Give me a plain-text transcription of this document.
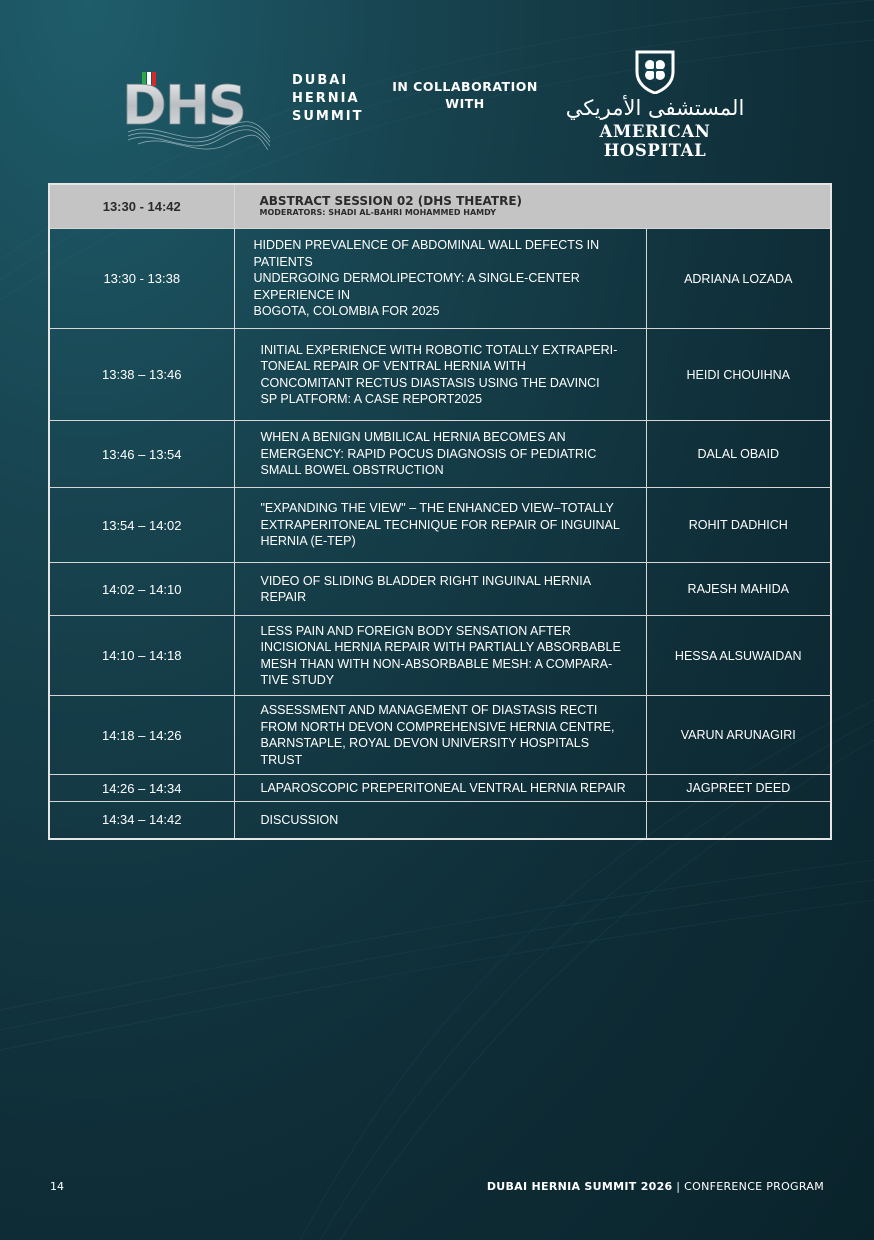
DHS	DUBAI
HERNIA
SUMMIT
IN COLLABORATION
WITH	المستشفى الأمريكي
AMERICAN HOSPITAL
13:30 - 14:42	ABSTRACT SESSION 02 (DHS THEATRE)
MODERATORS: SHADI AL-BAHRI MOHAMMED HAMDY	

13:30 - 13:38	HIDDEN PREVALENCE OF ABDOMINAL WALL DEFECTS IN
PATIENTS
UNDERGOING DERMOLIPECTOMY: A SINGLE-CENTER
EXPERIENCE IN
BOGOTA, COLOMBIA FOR 2025	ADRIANA LOZADA
13:38 – 13:46	INITIAL EXPERIENCE WITH ROBOTIC TOTALLY EXTRAPERI-
TONEAL REPAIR OF VENTRAL HERNIA WITH
CONCOMITANT RECTUS DIASTASIS USING THE DAVINCI
SP PLATFORM: A CASE REPORT2025	HEIDI CHOUIHNA
13:46 – 13:54	WHEN A BENIGN UMBILICAL HERNIA BECOMES AN
EMERGENCY: RAPID POCUS DIAGNOSIS OF PEDIATRIC
SMALL BOWEL OBSTRUCTION	DALAL OBAID
13:54 – 14:02	"EXPANDING THE VIEW" – THE ENHANCED VIEW–TOTALLY
EXTRAPERITONEAL TECHNIQUE FOR REPAIR OF INGUINAL
HERNIA (E-TEP)	ROHIT DADHICH
14:02 – 14:10	VIDEO OF SLIDING BLADDER RIGHT INGUINAL HERNIA
REPAIR	RAJESH MAHIDA
14:10 – 14:18	LESS PAIN AND FOREIGN BODY SENSATION AFTER
INCISIONAL HERNIA REPAIR WITH PARTIALLY ABSORBABLE
MESH THAN WITH NON-ABSORBABLE MESH: A COMPARA-
TIVE STUDY	HESSA ALSUWAIDAN
14:18 – 14:26	ASSESSMENT AND MANAGEMENT OF DIASTASIS RECTI
FROM NORTH DEVON COMPREHENSIVE HERNIA CENTRE,
BARNSTAPLE, ROYAL DEVON UNIVERSITY HOSPITALS
TRUST	VARUN ARUNAGIRI
14:26 – 14:34	LAPAROSCOPIC PREPERITONEAL VENTRAL HERNIA REPAIR	JAGPREET DEED
14:34 – 14:42	DISCUSSION	

14	DUBAI HERNIA SUMMIT 2026 | CONFERENCE PROGRAM
